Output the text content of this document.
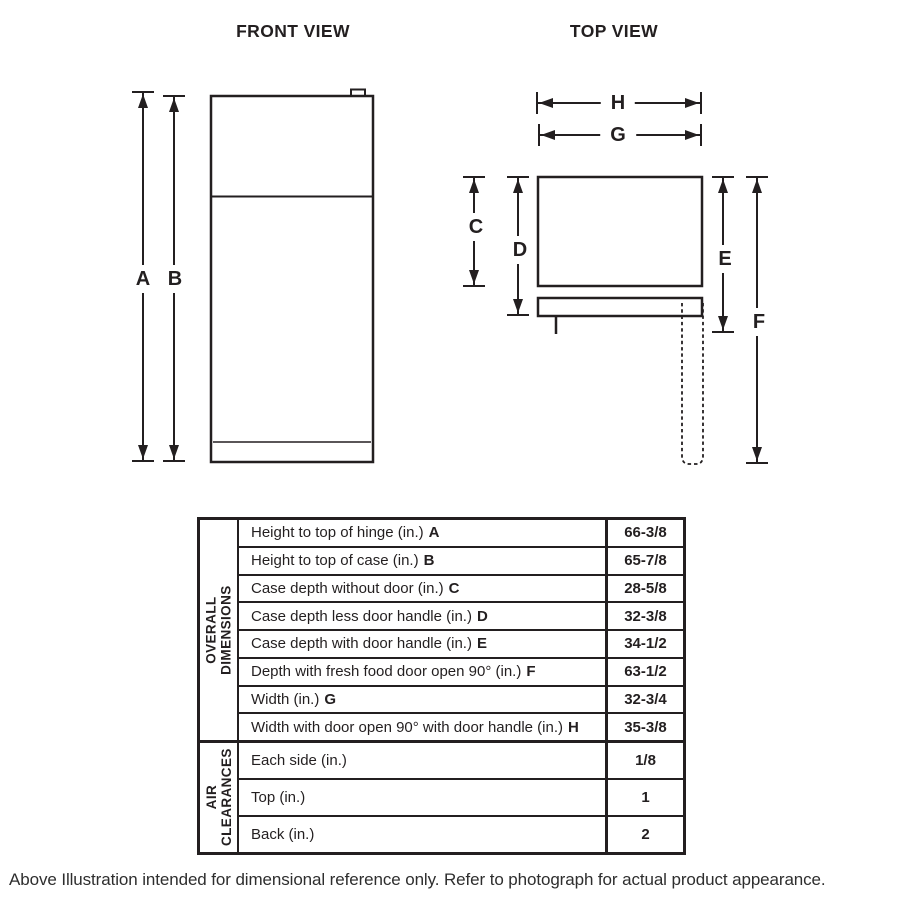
FRONT VIEW	TOP VIEW
A B
C
D	E
F
H
G
OVERALL DIMENSIONS
Height to top of hinge (in.) A	66-3/8
Height to top of case (in.) B	65-7/8
Case depth without door (in.) C	28-5/8
Case depth less door handle (in.) D	32-3/8
Case depth with door handle (in.) E	34-1/2
Depth with fresh food door open 90° (in.) F	63-1/2
Width (in.) G	32-3/4
Width with door open 90° with door handle (in.) H	35-3/8
AIR CLEARANCES Each side (in.)	1/8
Top (in.)	1
Back (in.)	2
Above Illustration intended for dimensional reference only. Refer to photograph for actual product appearance.
